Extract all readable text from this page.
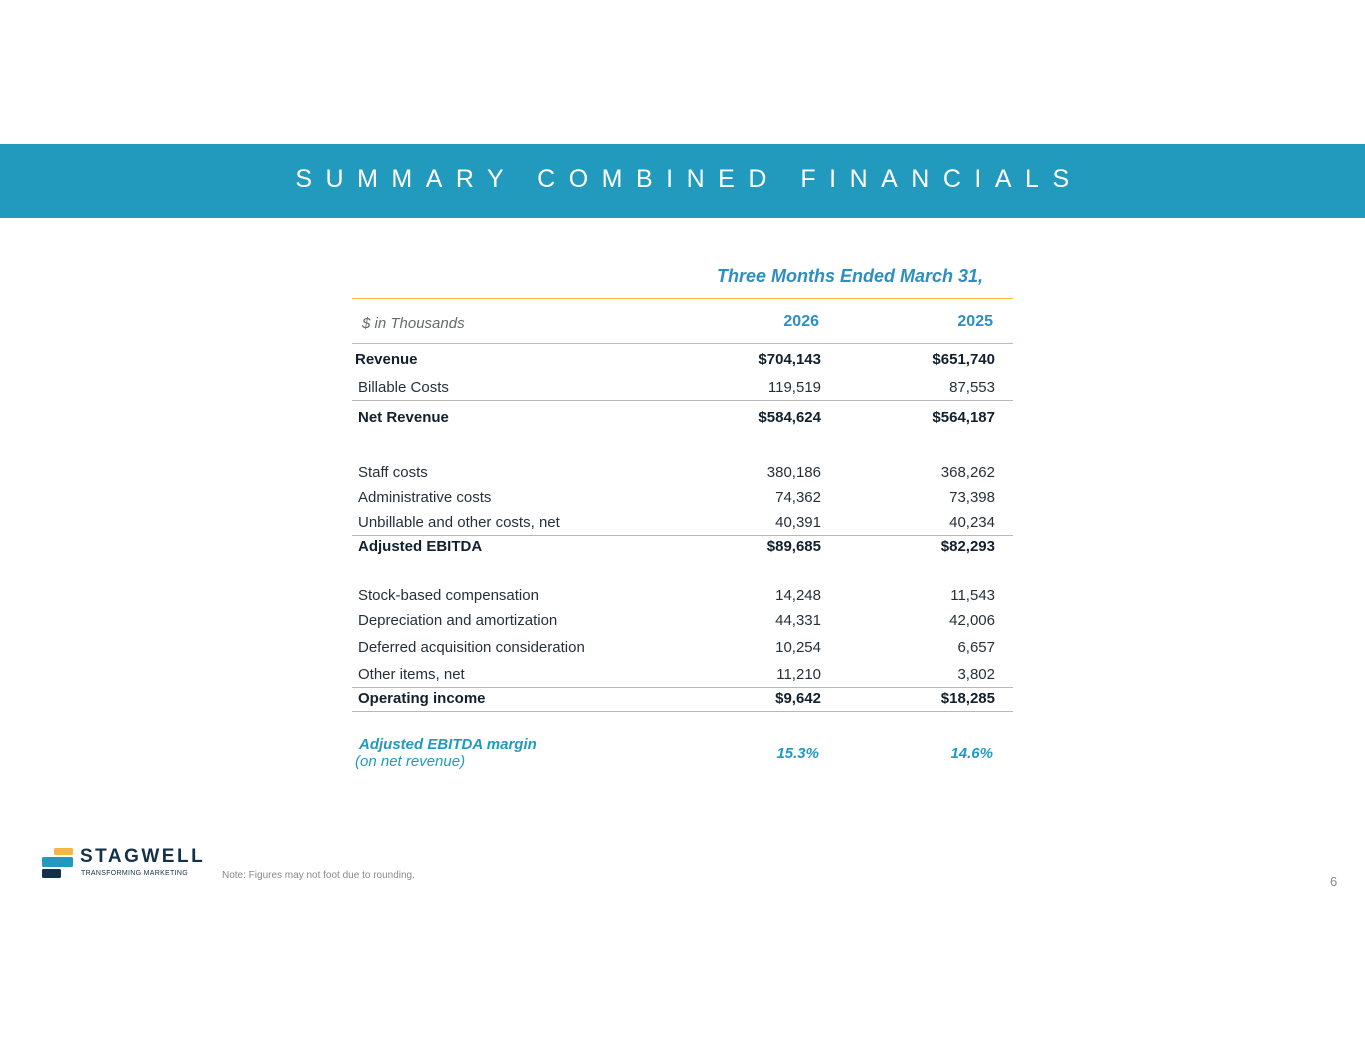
SUMMARY COMBINED FINANCIALS
Three Months Ended March 31,
$ in Thousands	2026	2025
Revenue	$704,143	$651,740
Billable Costs	119,519	87,553
Net Revenue	$584,624	$564,187
Staff costs	380,186	368,262
Administrative costs	74,362	73,398
Unbillable and other costs, net	40,391	40,234
Adjusted EBITDA	$89,685	$82,293
Stock-based compensation	14,248	11,543
Depreciation and amortization	44,331	42,006
Deferred acquisition consideration	10,254	6,657
Other items, net	11,210	3,802
Operating income	$9,642	$18,285
Adjusted EBITDA margin
(on net revenue)	15.3%	14.6%
STAGWELL
TRANSFORMING MARKETING	Note: Figures may not foot due to rounding.	6
